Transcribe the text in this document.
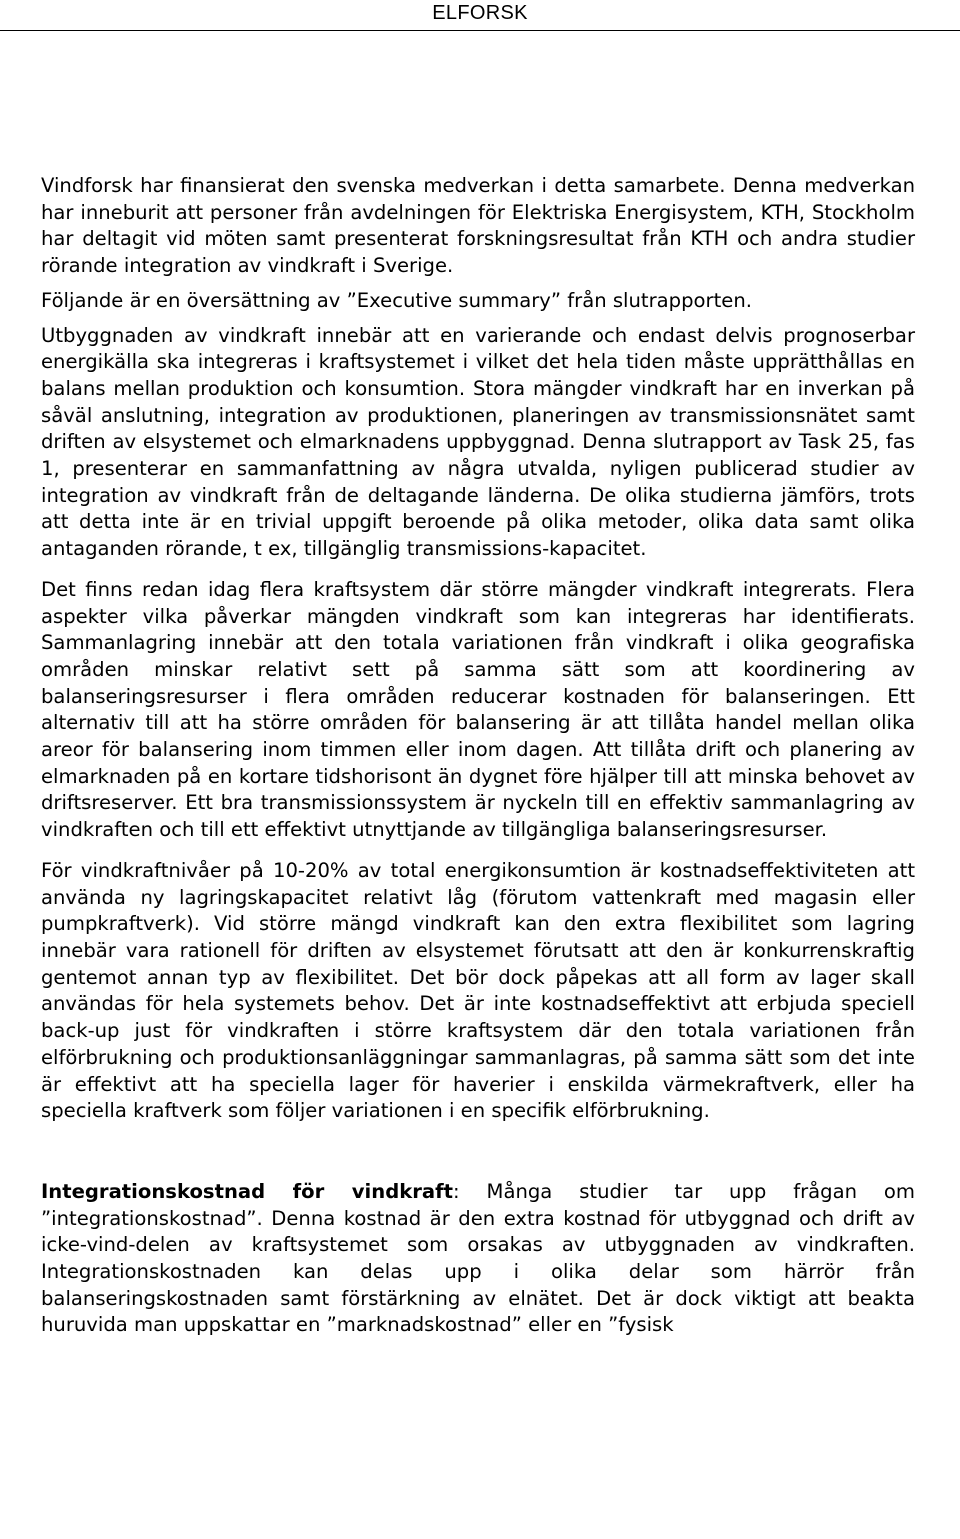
ELFORSK

Vindforsk har finansierat den svenska medverkan i detta samarbete. Denna medverkan har inneburit att personer från avdelningen för Elektriska Energisystem, KTH, Stockholm har deltagit vid möten samt presenterat forskningsresultat från KTH och andra studier rörande integration av vindkraft i Sverige.

Följande är en översättning av ”Executive summary” från slutrapporten.

Utbyggnaden av vindkraft innebär att en varierande och endast delvis prognoserbar energikälla ska integreras i kraftsystemet i vilket det hela tiden måste upprätthållas en balans mellan produktion och konsumtion. Stora mängder vindkraft har en inverkan på såväl anslutning, integration av produktionen, planeringen av transmissionsnätet samt driften av elsystemet och elmarknadens uppbyggnad. Denna slutrapport av Task 25, fas 1, presenterar en sammanfattning av några utvalda, nyligen publicerad studier av integration av vindkraft från de deltagande länderna. De olika studierna jämförs, trots att detta inte är en trivial uppgift beroende på olika metoder, olika data samt olika antaganden rörande, t ex, tillgänglig transmissions-kapacitet.

Det finns redan idag flera kraftsystem där större mängder vindkraft integrerats. Flera aspekter vilka påverkar mängden vindkraft som kan integreras har identifierats. Sammanlagring innebär att den totala variationen från vindkraft i olika geografiska områden minskar relativt sett på samma sätt som att koordinering av balanseringsresurser i flera områden reducerar kostnaden för balanseringen. Ett alternativ till att ha större områden för balansering är att tillåta handel mellan olika areor för balansering inom timmen eller inom dagen. Att tillåta drift och planering av elmarknaden på en kortare tidshorisont än dygnet före hjälper till att minska behovet av driftsreserver. Ett bra transmissionssystem är nyckeln till en effektiv sammanlagring av vindkraften och till ett effektivt utnyttjande av tillgängliga balanseringsresurser.

För vindkraftnivåer på 10-20% av total energikonsumtion är kostnadseffektiviteten att använda ny lagringskapacitet relativt låg (förutom vattenkraft med magasin eller pumpkraftverk). Vid större mängd vindkraft kan den extra flexibilitet som lagring innebär vara rationell för driften av elsystemet förutsatt att den är konkurrenskraftig gentemot annan typ av flexibilitet. Det bör dock påpekas att all form av lager skall användas för hela systemets behov. Det är inte kostnadseffektivt att erbjuda speciell back-up just för vindkraften i större kraftsystem där den totala variationen från elförbrukning och produktionsanläggningar sammanlagras, på samma sätt som det inte är effektivt att ha speciella lager för haverier i enskilda värmekraftverk, eller ha speciella kraftverk som följer variationen i en specifik elförbrukning.

Integrationskostnad för vindkraft: Många studier tar upp frågan om ”integrationskostnad”. Denna kostnad är den extra kostnad för utbyggnad och drift av icke-vind-delen av kraftsystemet som orsakas av utbyggnaden av vindkraften. Integrationskostnaden kan delas upp i olika delar som härrör från balanseringskostnaden samt förstärkning av elnätet. Det är dock viktigt att beakta huruvida man uppskattar en ”marknadskostnad” eller en ”fysisk
